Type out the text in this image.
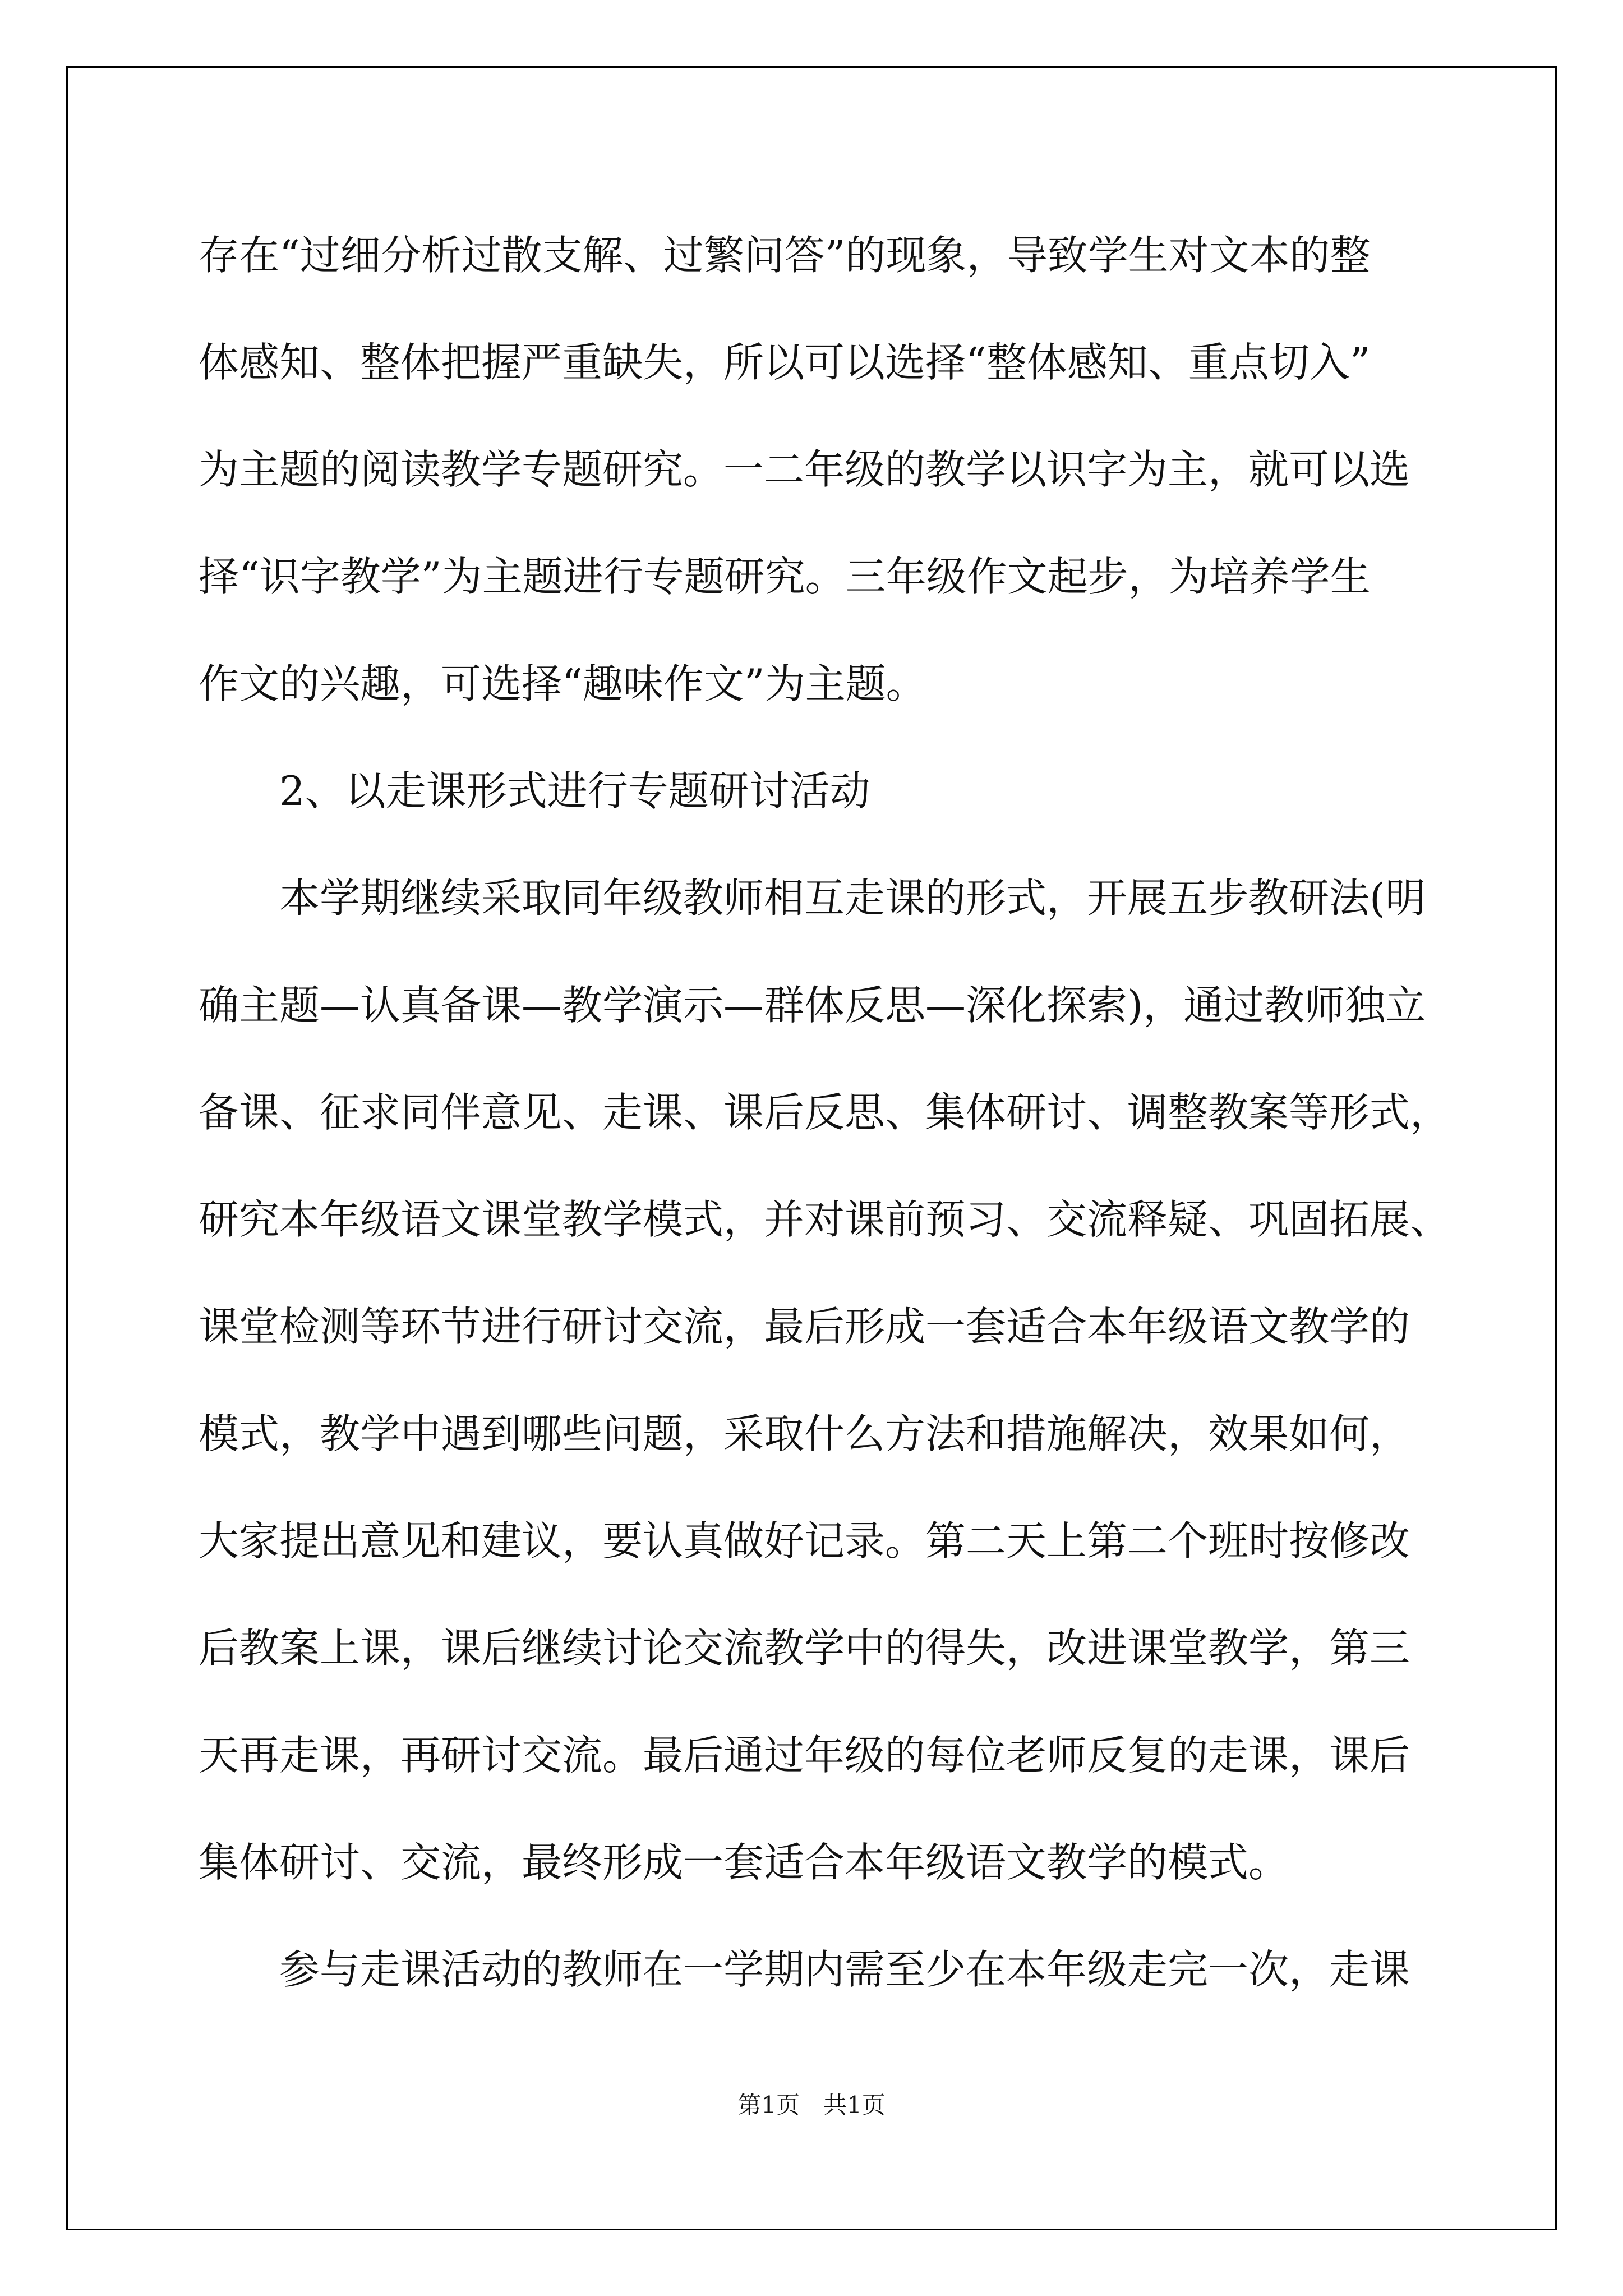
存在“过细分析过散支解、过繁问答”的现象，导致学生对文本的整
体感知、整体把握严重缺失，所以可以选择“整体感知、重点切入”
为主题的阅读教学专题研究。一二年级的教学以识字为主，就可以选
择“识字教学”为主题进行专题研究。三年级作文起步，为培养学生
作文的兴趣，可选择“趣味作文”为主题。
2、以走课形式进行专题研讨活动
本学期继续采取同年级教师相互走课的形式，开展五步教研法(明
确主题—认真备课—教学演示—群体反思—深化探索)，通过教师独立
备课、征求同伴意见、走课、课后反思、集体研讨、调整教案等形式，
研究本年级语文课堂教学模式，并对课前预习、交流释疑、巩固拓展、
课堂检测等环节进行研讨交流，最后形成一套适合本年级语文教学的
模式，教学中遇到哪些问题，采取什么方法和措施解决，效果如何，
大家提出意见和建议，要认真做好记录。第二天上第二个班时按修改
后教案上课，课后继续讨论交流教学中的得失，改进课堂教学，第三
天再走课，再研讨交流。最后通过年级的每位老师反复的走课，课后
集体研讨、交流，最终形成一套适合本年级语文教学的模式。
参与走课活动的教师在一学期内需至少在本年级走完一次，走课
第1页　共1页
